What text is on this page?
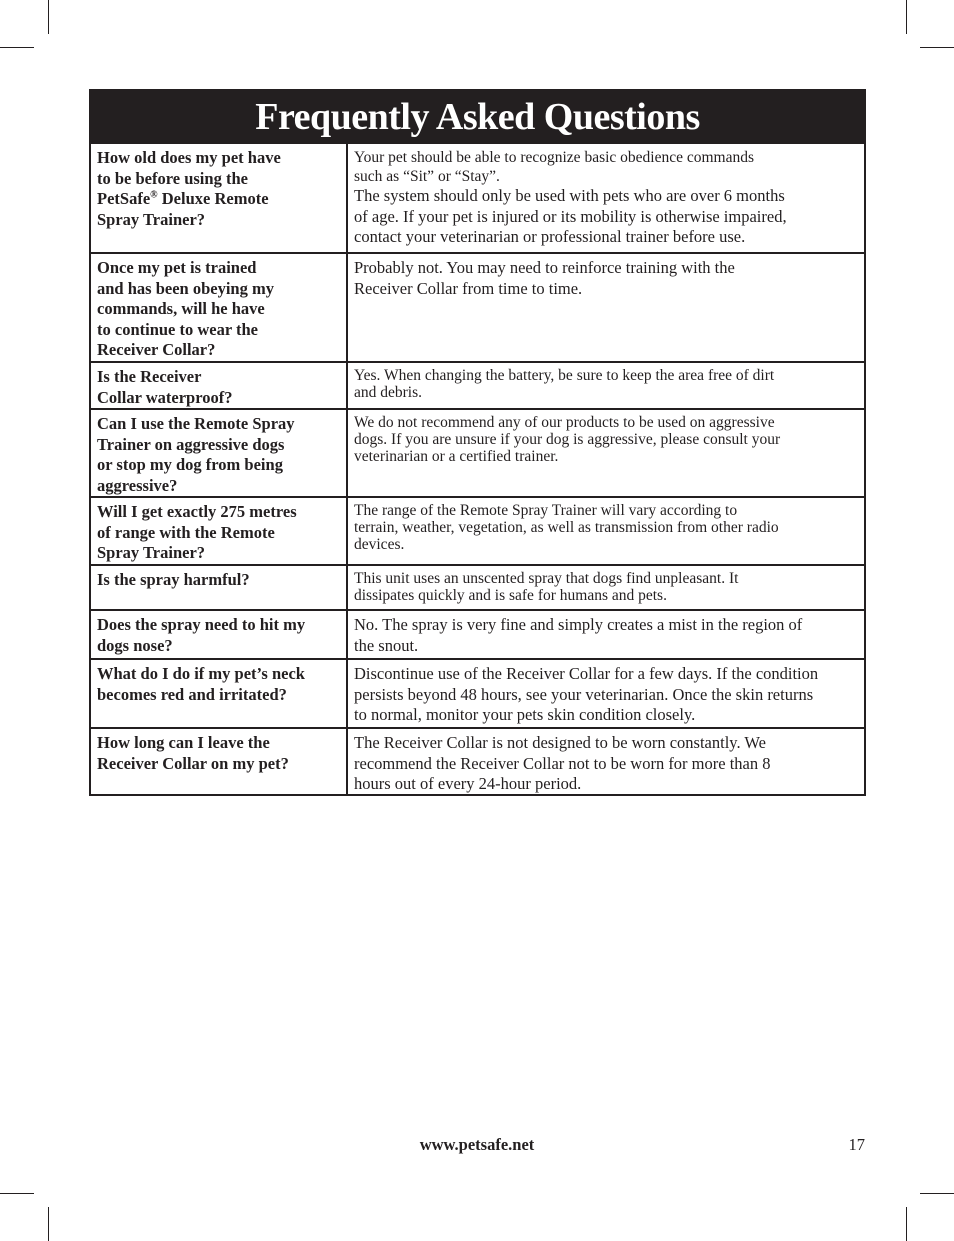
Frequently Asked Questions
How old does my pet have
to be before using the
PetSafe® Deluxe Remote
Spray Trainer?
Your pet should be able to recognize basic obedience commands
such as “Sit” or “Stay”.
The system should only be used with pets who are over 6 months
of age. If your pet is injured or its mobility is otherwise impaired,
contact your veterinarian or professional trainer before use.
Once my pet is trained
and has been obeying my
commands, will he have
to continue to wear the
Receiver Collar?
Probably not. You may need to reinforce training with the
Receiver Collar from time to time.
Is the Receiver
Collar waterproof?
Yes. When changing the battery, be sure to keep the area free of dirt
and debris.
Can I use the Remote Spray
Trainer on aggressive dogs
or stop my dog from being
aggressive?
We do not recommend any of our products to be used on aggressive
dogs. If you are unsure if your dog is aggressive, please consult your
veterinarian or a certified trainer.
Will I get exactly 275 metres
of range with the Remote
Spray Trainer?
The range of the Remote Spray Trainer will vary according to
terrain, weather, vegetation, as well as transmission from other radio
devices.
Is the spray harmful?	This unit uses an unscented spray that dogs find unpleasant. It
dissipates quickly and is safe for humans and pets.
Does the spray need to hit my
dogs nose?
No. The spray is very fine and simply creates a mist in the region of
the snout.
What do I do if my pet’s neck
becomes red and irritated?
Discontinue use of the Receiver Collar for a few days. If the condition
persists beyond 48 hours, see your veterinarian. Once the skin returns
to normal, monitor your pets skin condition closely.
How long can I leave the
Receiver Collar on my pet?
The Receiver Collar is not designed to be worn constantly. We
recommend the Receiver Collar not to be worn for more than 8
hours out of every 24-hour period.
www.petsafe.net	17
